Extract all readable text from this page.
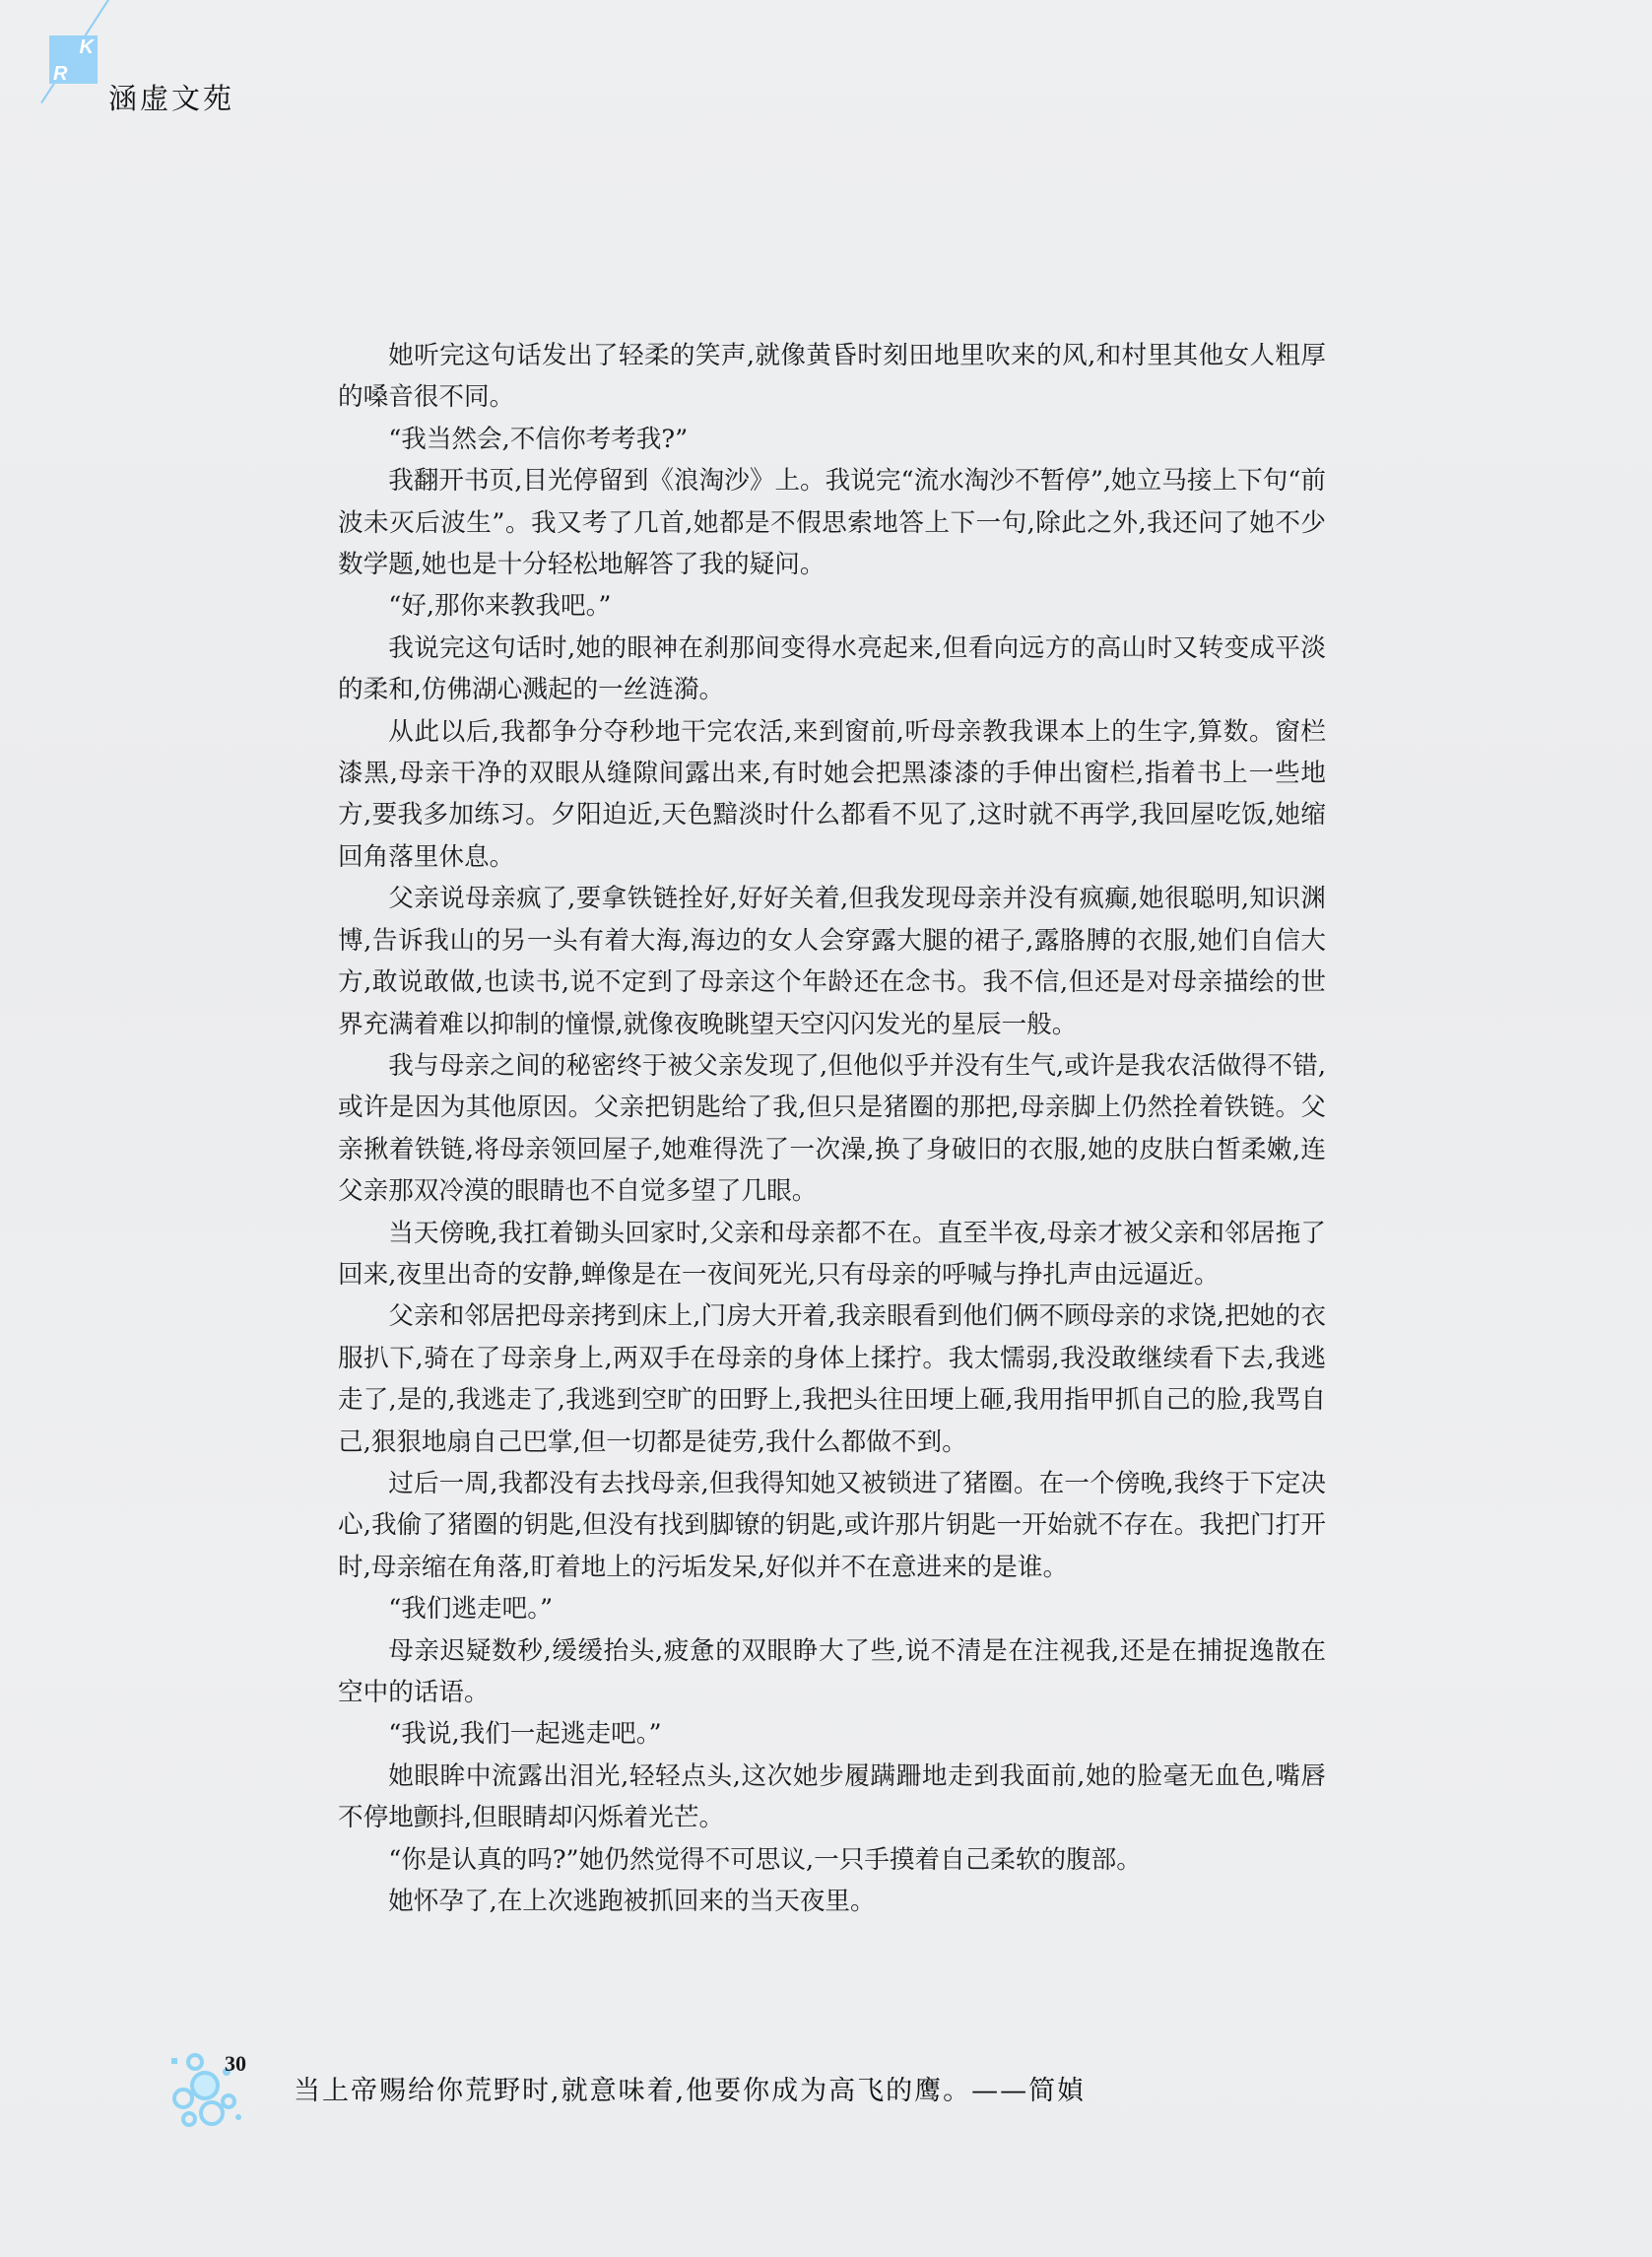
K
R
涵虚文苑

她听完这句话发出了轻柔的笑声,就像黄昏时刻田地里吹来的风,和村里其他女人粗厚的嗓音很不同。

“我当然会,不信你考考我?”

我翻开书页,目光停留到《浪淘沙》上。我说完“流水淘沙不暂停”,她立马接上下句“前波未灭后波生”。我又考了几首,她都是不假思索地答上下一句,除此之外,我还问了她不少数学题,她也是十分轻松地解答了我的疑问。

“好,那你来教我吧。”

我说完这句话时,她的眼神在刹那间变得水亮起来,但看向远方的高山时又转变成平淡的柔和,仿佛湖心溅起的一丝涟漪。

从此以后,我都争分夺秒地干完农活,来到窗前,听母亲教我课本上的生字,算数。窗栏漆黑,母亲干净的双眼从缝隙间露出来,有时她会把黑漆漆的手伸出窗栏,指着书上一些地方,要我多加练习。夕阳迫近,天色黯淡时什么都看不见了,这时就不再学,我回屋吃饭,她缩回角落里休息。

父亲说母亲疯了,要拿铁链拴好,好好关着,但我发现母亲并没有疯癫,她很聪明,知识渊博,告诉我山的另一头有着大海,海边的女人会穿露大腿的裙子,露胳膊的衣服,她们自信大方,敢说敢做,也读书,说不定到了母亲这个年龄还在念书。我不信,但还是对母亲描绘的世界充满着难以抑制的憧憬,就像夜晚眺望天空闪闪发光的星辰一般。

我与母亲之间的秘密终于被父亲发现了,但他似乎并没有生气,或许是我农活做得不错,或许是因为其他原因。父亲把钥匙给了我,但只是猪圈的那把,母亲脚上仍然拴着铁链。父亲揪着铁链,将母亲领回屋子,她难得洗了一次澡,换了身破旧的衣服,她的皮肤白皙柔嫩,连父亲那双冷漠的眼睛也不自觉多望了几眼。

当天傍晚,我扛着锄头回家时,父亲和母亲都不在。直至半夜,母亲才被父亲和邻居拖了回来,夜里出奇的安静,蝉像是在一夜间死光,只有母亲的呼喊与挣扎声由远逼近。

父亲和邻居把母亲拷到床上,门房大开着,我亲眼看到他们俩不顾母亲的求饶,把她的衣服扒下,骑在了母亲身上,两双手在母亲的身体上揉拧。我太懦弱,我没敢继续看下去,我逃走了,是的,我逃走了,我逃到空旷的田野上,我把头往田埂上砸,我用指甲抓自己的脸,我骂自己,狠狠地扇自己巴掌,但一切都是徒劳,我什么都做不到。

过后一周,我都没有去找母亲,但我得知她又被锁进了猪圈。在一个傍晚,我终于下定决心,我偷了猪圈的钥匙,但没有找到脚镣的钥匙,或许那片钥匙一开始就不存在。我把门打开时,母亲缩在角落,盯着地上的污垢发呆,好似并不在意进来的是谁。

“我们逃走吧。”

母亲迟疑数秒,缓缓抬头,疲惫的双眼睁大了些,说不清是在注视我,还是在捕捉逸散在空中的话语。

“我说,我们一起逃走吧。”

她眼眸中流露出泪光,轻轻点头,这次她步履蹒跚地走到我面前,她的脸毫无血色,嘴唇不停地颤抖,但眼睛却闪烁着光芒。

“你是认真的吗?”她仍然觉得不可思议,一只手摸着自己柔软的腹部。

她怀孕了,在上次逃跑被抓回来的当天夜里。

30
当上帝赐给你荒野时,就意味着,他要你成为高飞的鹰。——简媜
